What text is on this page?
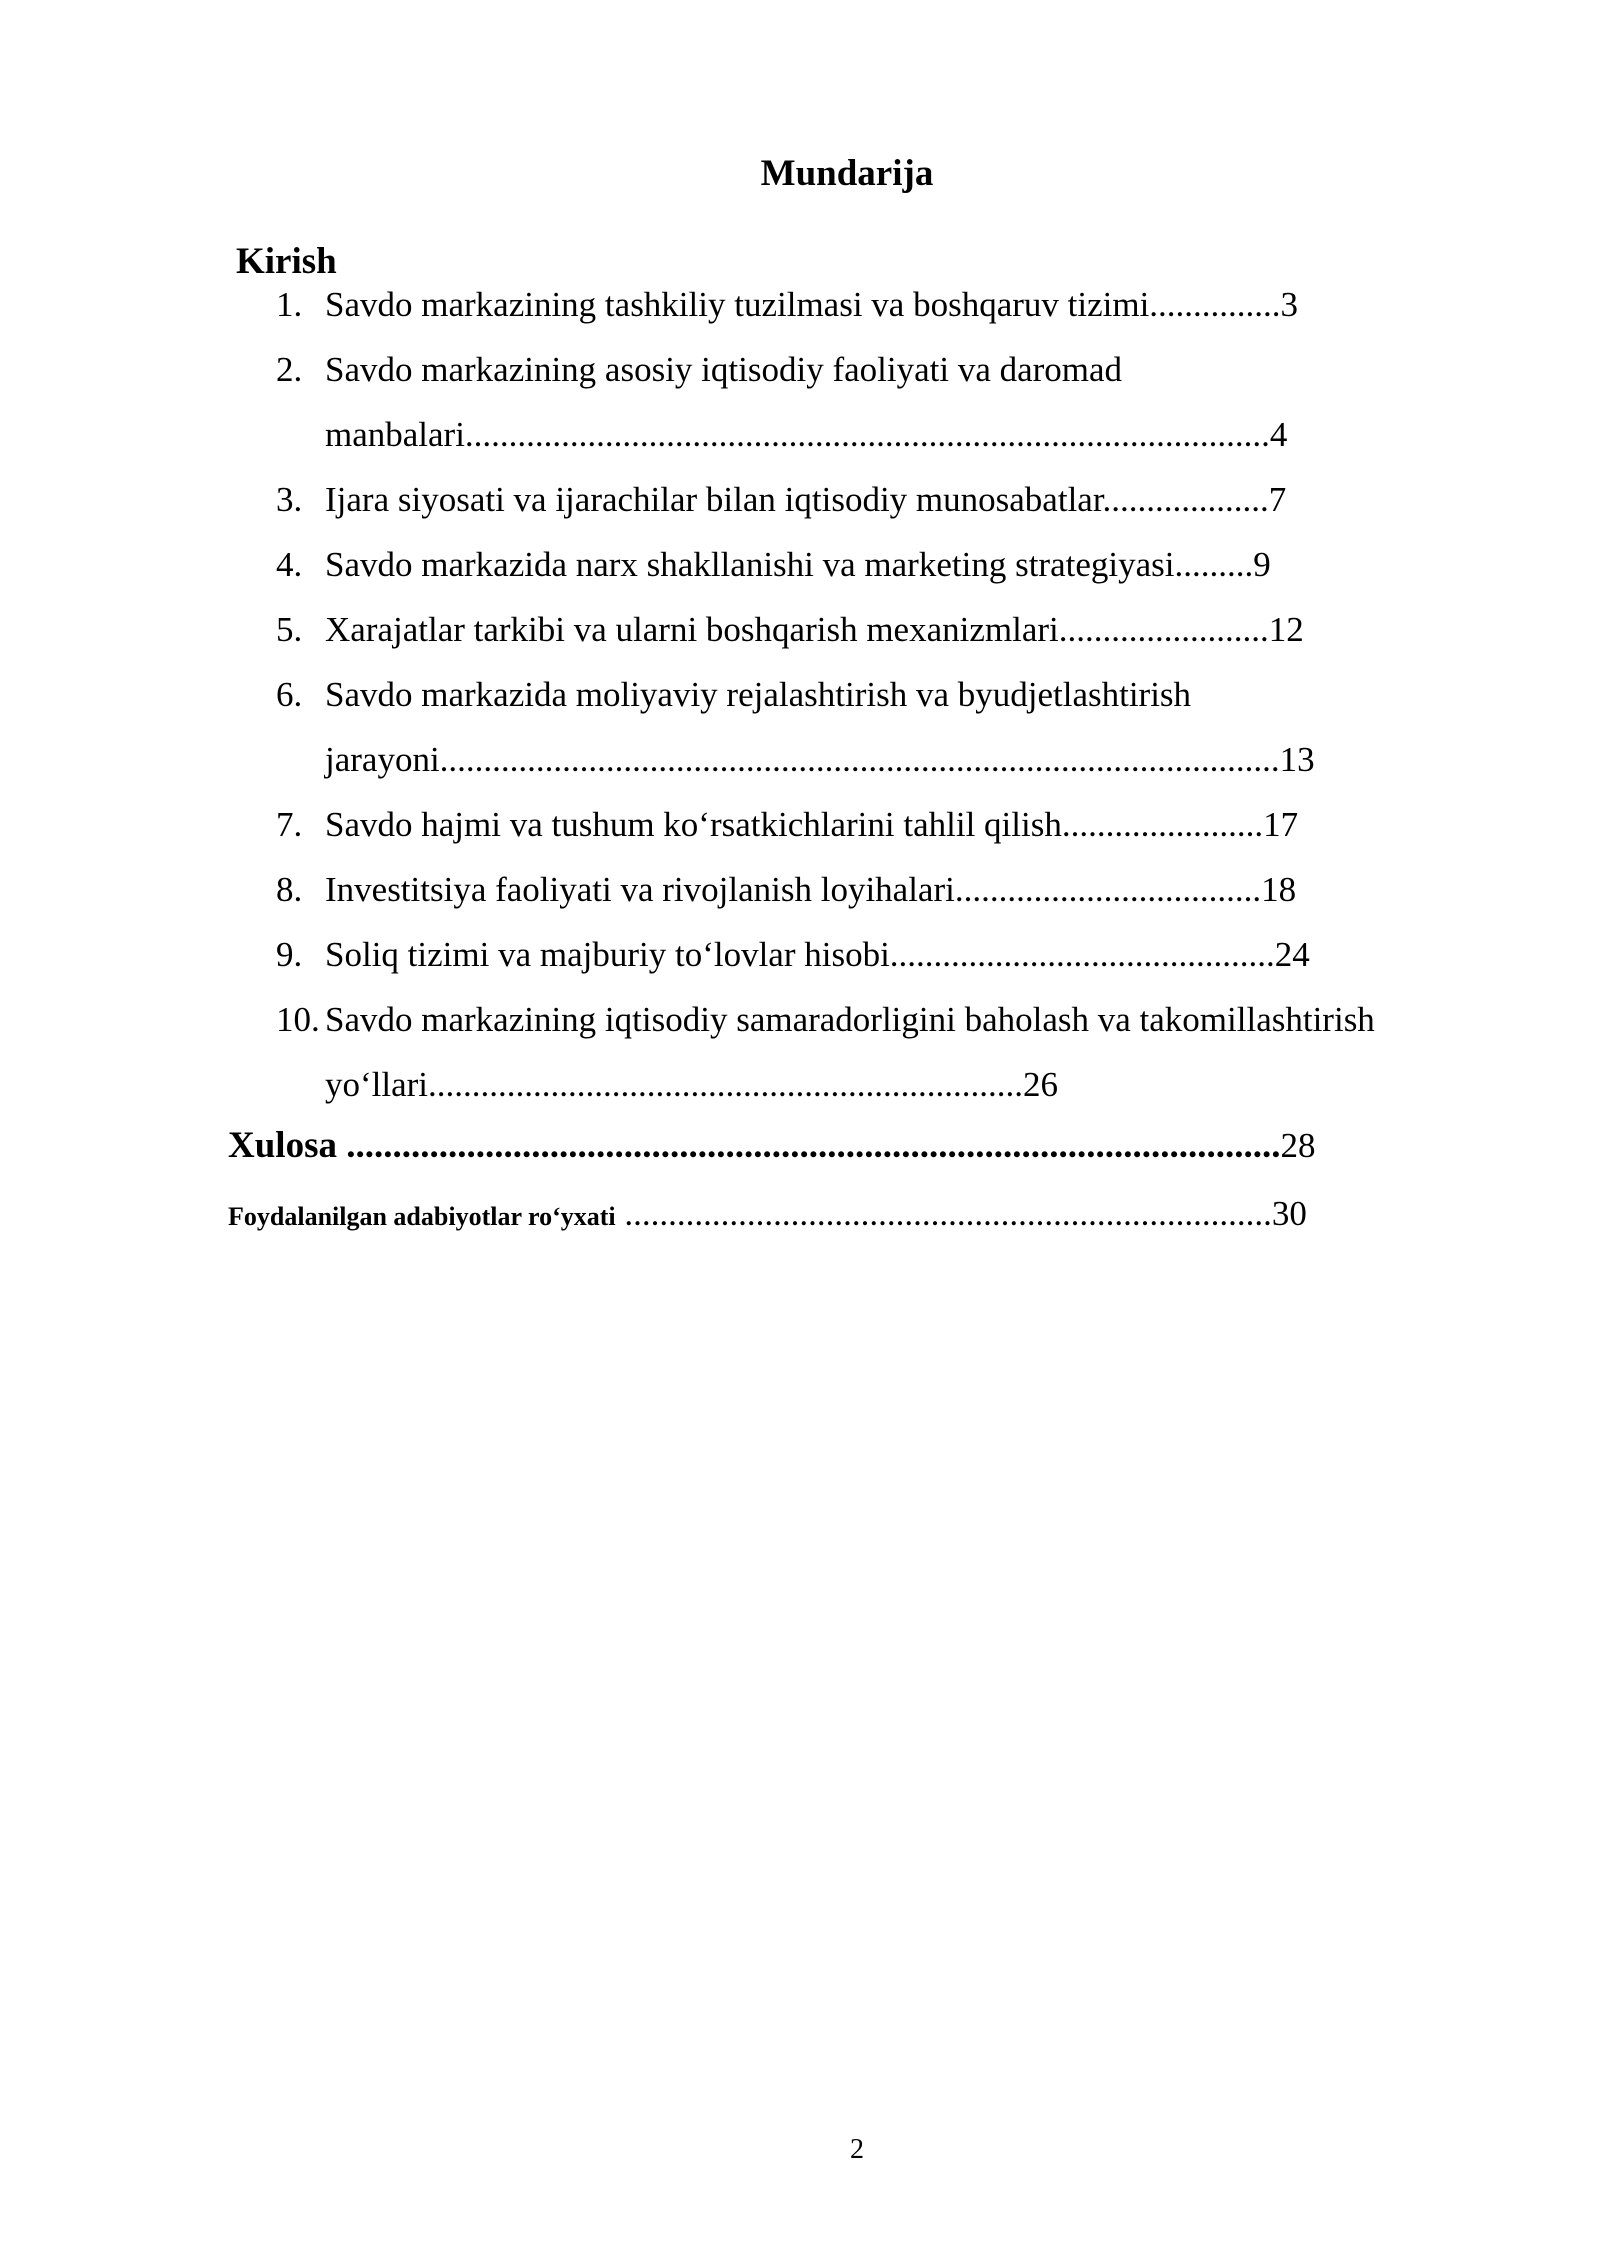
Mundarija
Kirish
1. Savdo markazining tashkiliy tuzilmasi va boshqaruv tizimi...............3
2. Savdo markazining asosiy iqtisodiy faoliyati va daromad
manbalari............................................................................................4
3. Ijara siyosati va ijarachilar bilan iqtisodiy munosabatlar...................7
4. Savdo markazida narx shakllanishi va marketing strategiyasi.........9
5. Xarajatlar tarkibi va ularni boshqarish mexanizmlari........................12
6. Savdo markazida moliyaviy rejalashtirish va byudjetlashtirish
jarayoni................................................................................................13
7. Savdo hajmi va tushum ko‘rsatkichlarini tahlil qilish.......................17
8. Investitsiya faoliyati va rivojlanish loyihalari...................................18
9. Soliq tizimi va majburiy to‘lovlar hisobi............................................24
10. Savdo markazining iqtisodiy samaradorligini baholash va takomillashtirish
yo‘llari....................................................................26
Xulosa .....................................................................................................28
Foydalanilgan adabiyotlar ro‘yxati ..........................................................................30
2
